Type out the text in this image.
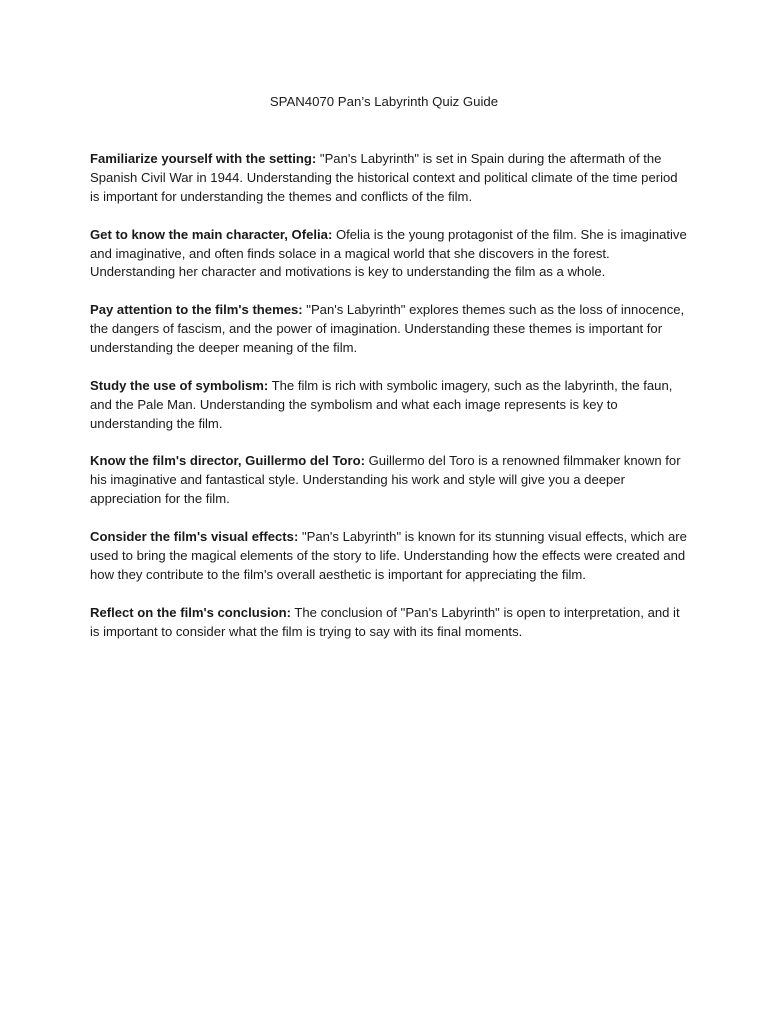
SPAN4070 Pan’s Labyrinth Quiz Guide

Familiarize yourself with the setting: "Pan's Labyrinth" is set in Spain during the aftermath of the Spanish Civil War in 1944. Understanding the historical context and political climate of the time period is important for understanding the themes and conflicts of the film.

Get to know the main character, Ofelia: Ofelia is the young protagonist of the film. She is imaginative and imaginative, and often finds solace in a magical world that she discovers in the forest. Understanding her character and motivations is key to understanding the film as a whole.

Pay attention to the film's themes: "Pan's Labyrinth" explores themes such as the loss of innocence, the dangers of fascism, and the power of imagination. Understanding these themes is important for understanding the deeper meaning of the film.

Study the use of symbolism: The film is rich with symbolic imagery, such as the labyrinth, the faun, and the Pale Man. Understanding the symbolism and what each image represents is key to understanding the film.

Know the film's director, Guillermo del Toro: Guillermo del Toro is a renowned filmmaker known for his imaginative and fantastical style. Understanding his work and style will give you a deeper appreciation for the film.

Consider the film's visual effects: "Pan's Labyrinth" is known for its stunning visual effects, which are used to bring the magical elements of the story to life. Understanding how the effects were created and how they contribute to the film's overall aesthetic is important for appreciating the film.

Reflect on the film's conclusion: The conclusion of "Pan's Labyrinth" is open to interpretation, and it is important to consider what the film is trying to say with its final moments.
